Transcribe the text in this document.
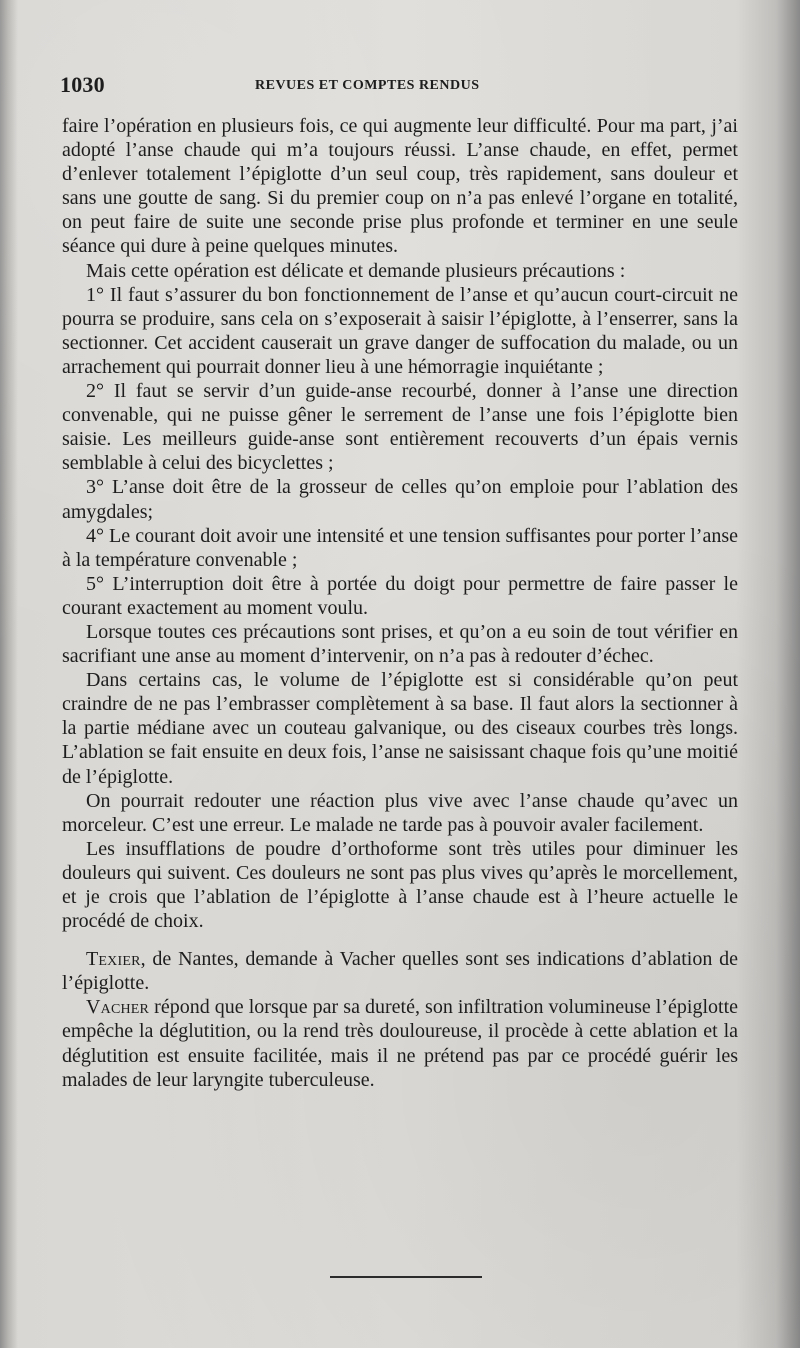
1030	REVUES ET COMPTES RENDUS

faire l’opération en plusieurs fois, ce qui augmente leur difficulté. Pour ma part, j’ai adopté l’anse chaude qui m’a toujours réussi. L’anse chaude, en effet, permet d’enlever totalement l’épiglotte d’un seul coup, très rapidement, sans douleur et sans une goutte de sang. Si du premier coup on n’a pas enlevé l’organe en totalité, on peut faire de suite une seconde prise plus profonde et terminer en une seule séance qui dure à peine quelques minutes.

Mais cette opération est délicate et demande plusieurs précautions :

1° Il faut s’assurer du bon fonctionnement de l’anse et qu’aucun court-circuit ne pourra se produire, sans cela on s’exposerait à saisir l’épiglotte, à l’enserrer, sans la sectionner. Cet accident causerait un grave danger de suffocation du malade, ou un arrachement qui pourrait donner lieu à une hémorragie inquiétante ;

2° Il faut se servir d’un guide-anse recourbé, donner à l’anse une direction convenable, qui ne puisse gêner le serrement de l’anse une fois l’épiglotte bien saisie. Les meilleurs guide-anse sont entièrement recouverts d’un épais vernis semblable à celui des bicyclettes ;

3° L’anse doit être de la grosseur de celles qu’on emploie pour l’ablation des amygdales;

4° Le courant doit avoir une intensité et une tension suffisantes pour porter l’anse à la température convenable ;

5° L’interruption doit être à portée du doigt pour permettre de faire passer le courant exactement au moment voulu.

Lorsque toutes ces précautions sont prises, et qu’on a eu soin de tout vérifier en sacrifiant une anse au moment d’intervenir, on n’a pas à redouter d’échec.

Dans certains cas, le volume de l’épiglotte est si considérable qu’on peut craindre de ne pas l’embrasser complètement à sa base. Il faut alors la sectionner à la partie médiane avec un couteau galvanique, ou des ciseaux courbes très longs. L’ablation se fait ensuite en deux fois, l’anse ne saisissant chaque fois qu’une moitié de l’épiglotte.

On pourrait redouter une réaction plus vive avec l’anse chaude qu’avec un morceleur. C’est une erreur. Le malade ne tarde pas à pouvoir avaler facilement.

Les insufflations de poudre d’orthoforme sont très utiles pour diminuer les douleurs qui suivent. Ces douleurs ne sont pas plus vives qu’après le morcellement, et je crois que l’ablation de l’épiglotte à l’anse chaude est à l’heure actuelle le procédé de choix.

Texier, de Nantes, demande à Vacher quelles sont ses indications d’ablation de l’épiglotte.

Vacher répond que lorsque par sa dureté, son infiltration volumineuse l’épiglotte empêche la déglutition, ou la rend très douloureuse, il procède à cette ablation et la déglutition est ensuite facilitée, mais il ne prétend pas par ce procédé guérir les malades de leur laryngite tuberculeuse.
